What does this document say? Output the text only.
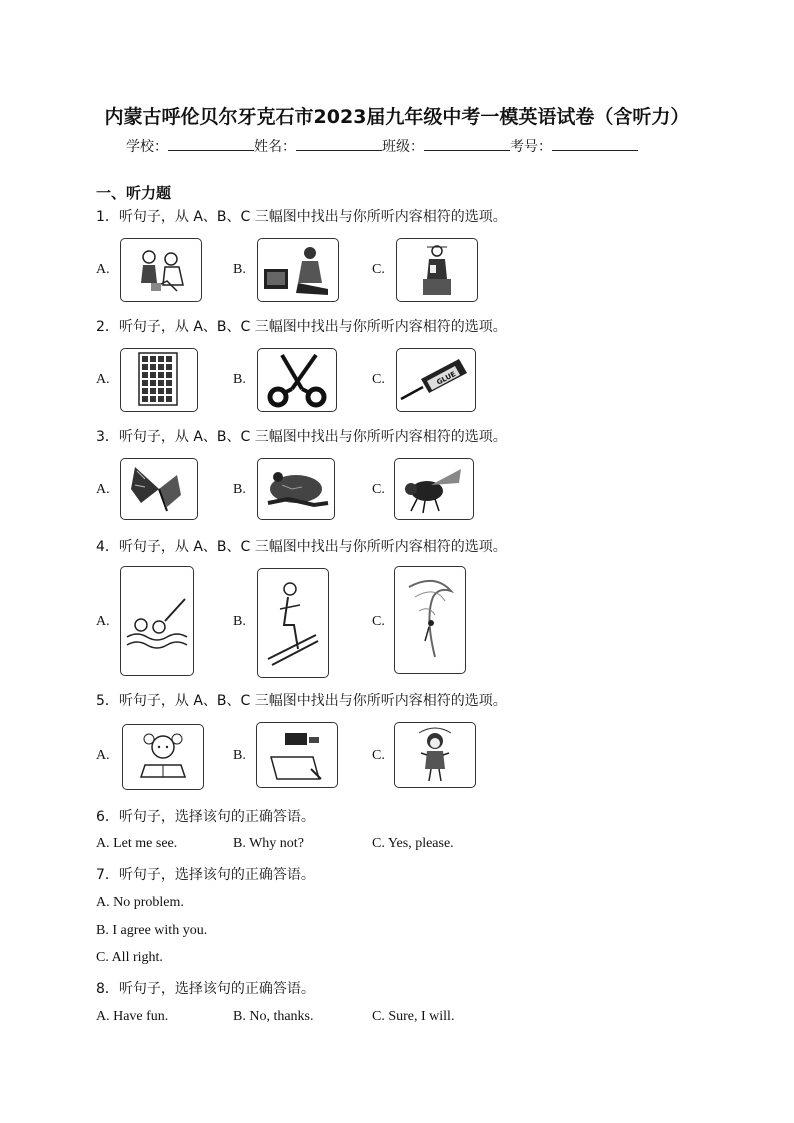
内蒙古呼伦贝尔牙克石市2023届九年级中考一模英语试卷（含听力）
学校：	姓名：	班级：	考号：
一、听力题
1．听句子，从 A、B、C 三幅图中找出与你所听内容相符的选项。
A.	B.	C.
2．听句子，从 A、B、C 三幅图中找出与你所听内容相符的选项。
A.	B.	C.	GLUE
3．听句子，从 A、B、C 三幅图中找出与你所听内容相符的选项。
A.	B.	C.
4．听句子，从 A、B、C 三幅图中找出与你所听内容相符的选项。
A.	B.	C.
5．听句子，从 A、B、C 三幅图中找出与你所听内容相符的选项。
A.	B.	C.
6．听句子，选择该句的正确答语。
A. Let me see.	B. Why not?	C. Yes, please.
7．听句子，选择该句的正确答语。
A. No problem.
B. I agree with you.
C. All right.
8．听句子，选择该句的正确答语。
A. Have fun.	B. No, thanks.	C. Sure, I will.
